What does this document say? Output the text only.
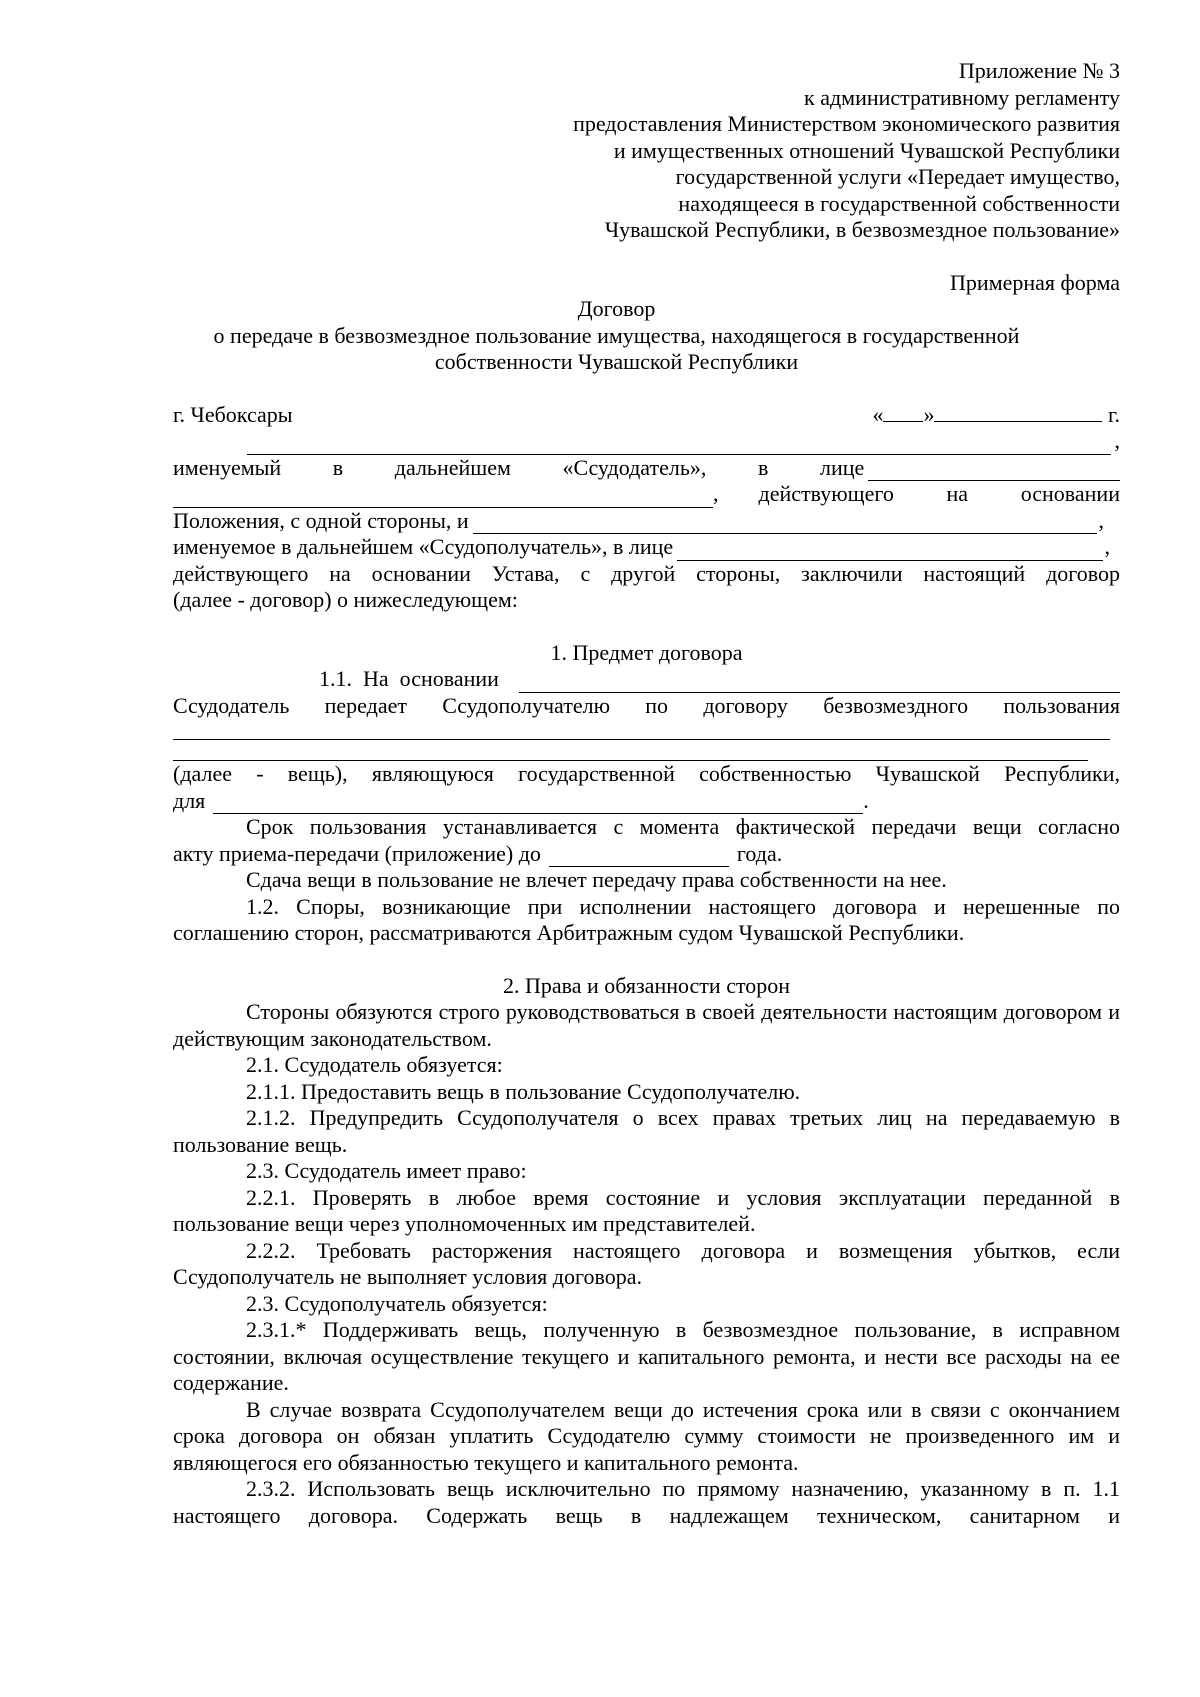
Приложение № 3
к административному регламенту
предоставления Министерством экономического развития
и имущественных отношений Чувашской Республики
государственной услуги «Передает имущество,
находящееся в государственной собственности
Чувашской Республики, в безвозмездное пользование»
Примерная форма
Договор
о передаче в безвозмездное пользование имущества, находящегося в государственной
собственности Чувашской Республики
г. Чебоксары	« »	г.
,
именуемый в дальнейшем «Ссудодатель», в лице
, действующего на основании
Положения, с одной стороны, и	,
именуемое в дальнейшем «Ссудополучатель», в лице	,
действующего на основании Устава, с другой стороны, заключили настоящий договор
(далее - договор) о нижеследующем:
1. Предмет договора
1.1.  На  основании
Ссудодатель передает Ссудополучателю по договору безвозмездного пользования
(далее - вещь), являющуюся государственной собственностью Чувашской Республики,
для	.
Срок пользования устанавливается с момента фактической передачи вещи согласно
акту приема-передачи (приложение) до	года.
Сдача вещи в пользование не влечет передачу права собственности на нее.
1.2. Споры, возникающие при исполнении настоящего договора и нерешенные по соглашению сторон, рассматриваются Арбитражным судом Чувашской Республики.
2. Права и обязанности сторон
Стороны обязуются строго руководствоваться в своей деятельности настоящим договором и действующим законодательством.
2.1. Ссудодатель обязуется:
2.1.1. Предоставить вещь в пользование Ссудополучателю.
2.1.2. Предупредить Ссудополучателя о всех правах третьих лиц на передаваемую в пользование вещь.
2.3. Ссудодатель имеет право:
2.2.1. Проверять в любое время состояние и условия эксплуатации переданной в пользование вещи через уполномоченных им представителей.
2.2.2. Требовать расторжения настоящего договора и возмещения убытков, если Ссудополучатель не выполняет условия договора.
2.3. Ссудополучатель обязуется:
2.3.1.* Поддерживать вещь, полученную в безвозмездное пользование, в исправном состоянии, включая осуществление текущего и капитального ремонта, и нести все расходы на ее содержание.
В случае возврата Ссудополучателем вещи до истечения срока или в связи с окончанием срока договора он обязан уплатить Ссудодателю сумму стоимости не произведенного им и являющегося его обязанностью текущего и капитального ремонта.
2.3.2. Использовать вещь исключительно по прямому назначению, указанному в п. 1.1 настоящего договора. Содержать вещь в надлежащем техническом, санитарном и
